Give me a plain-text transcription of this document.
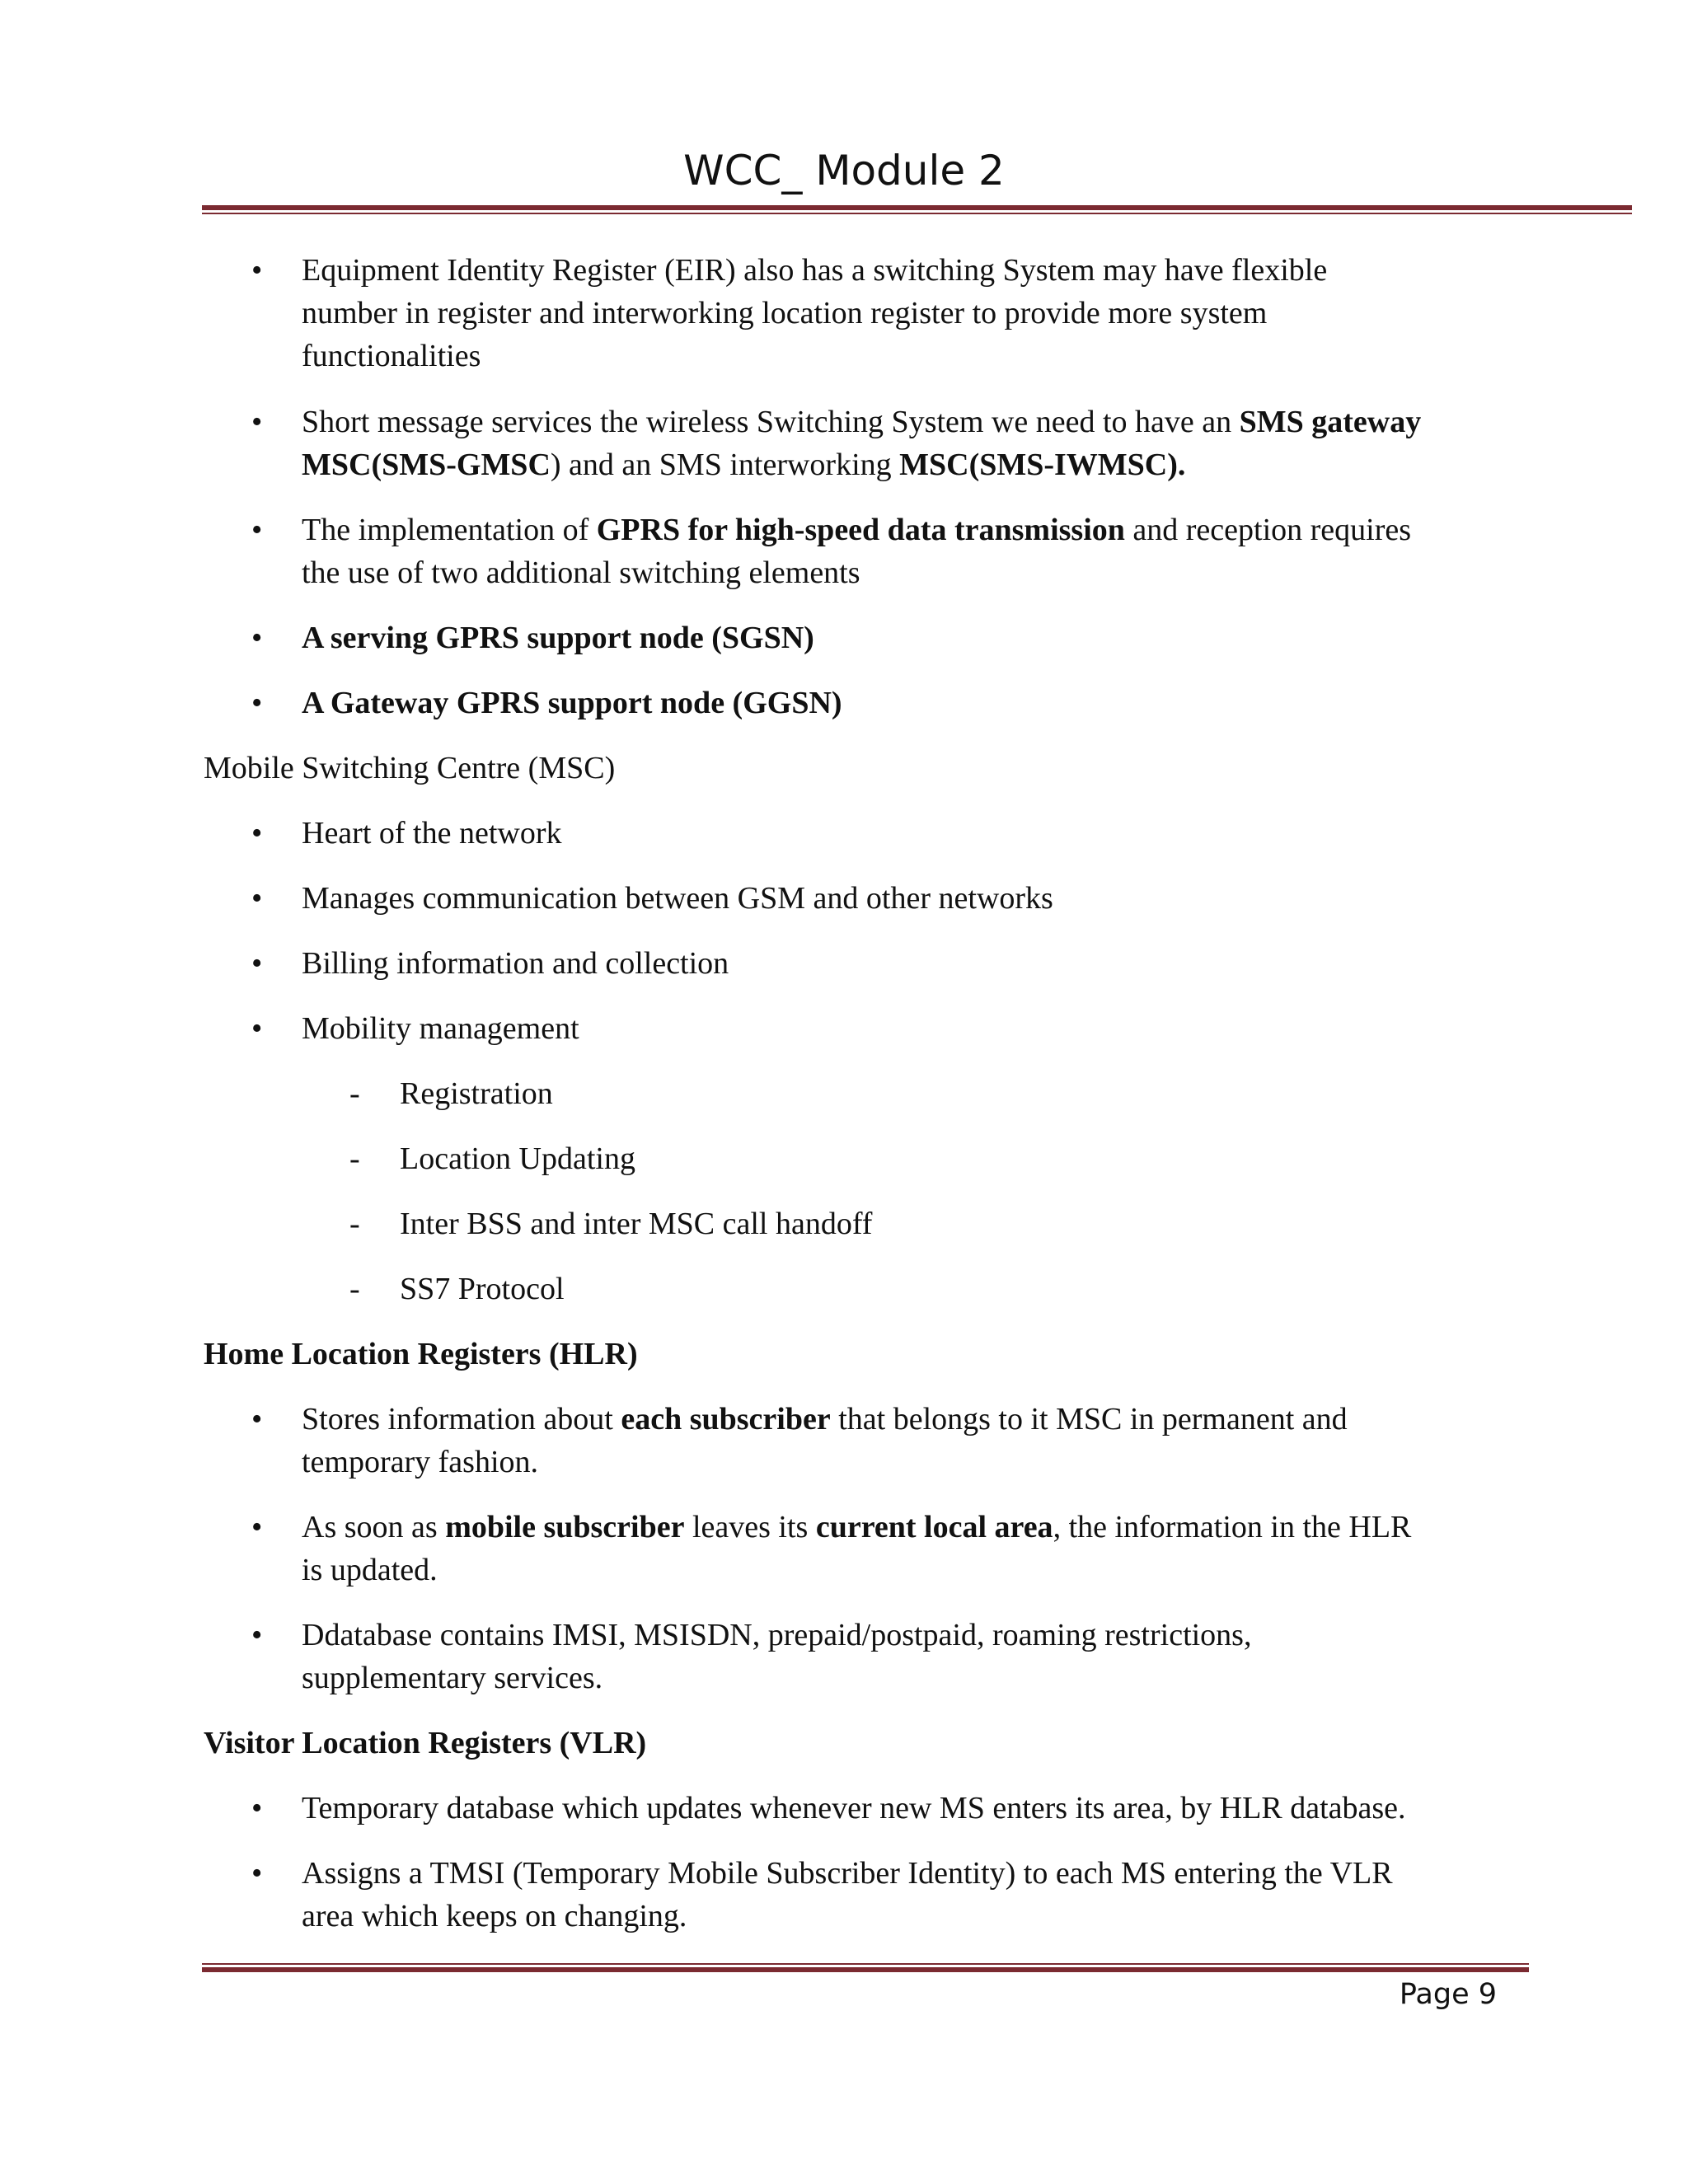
WCC_ Module 2
• Equipment Identity Register (EIR) also has a switching System may have flexible
number in register and interworking location register to provide more system
functionalities
• Short message services the wireless Switching System we need to have an SMS gateway
MSC(SMS-GMSC) and an SMS interworking MSC(SMS-IWMSC).
• The implementation of GPRS for high-speed data transmission and reception requires
the use of two additional switching elements
• A serving GPRS support node (SGSN)
• A Gateway GPRS support node (GGSN)
Mobile Switching Centre (MSC)
• Heart of the network
• Manages communication between GSM and other networks
• Billing information and collection
• Mobility management
- Registration
- Location Updating
- Inter BSS and inter MSC call handoff
- SS7 Protocol
Home Location Registers (HLR)
• Stores information about each subscriber that belongs to it MSC in permanent and
temporary fashion.
• As soon as mobile subscriber leaves its current local area, the information in the HLR
is updated.
• Ddatabase contains IMSI, MSISDN, prepaid/postpaid, roaming restrictions,
supplementary services.
Visitor Location Registers (VLR)
• Temporary database which updates whenever new MS enters its area, by HLR database.
• Assigns a TMSI (Temporary Mobile Subscriber Identity) to each MS entering the VLR
area which keeps on changing.
Page 9
